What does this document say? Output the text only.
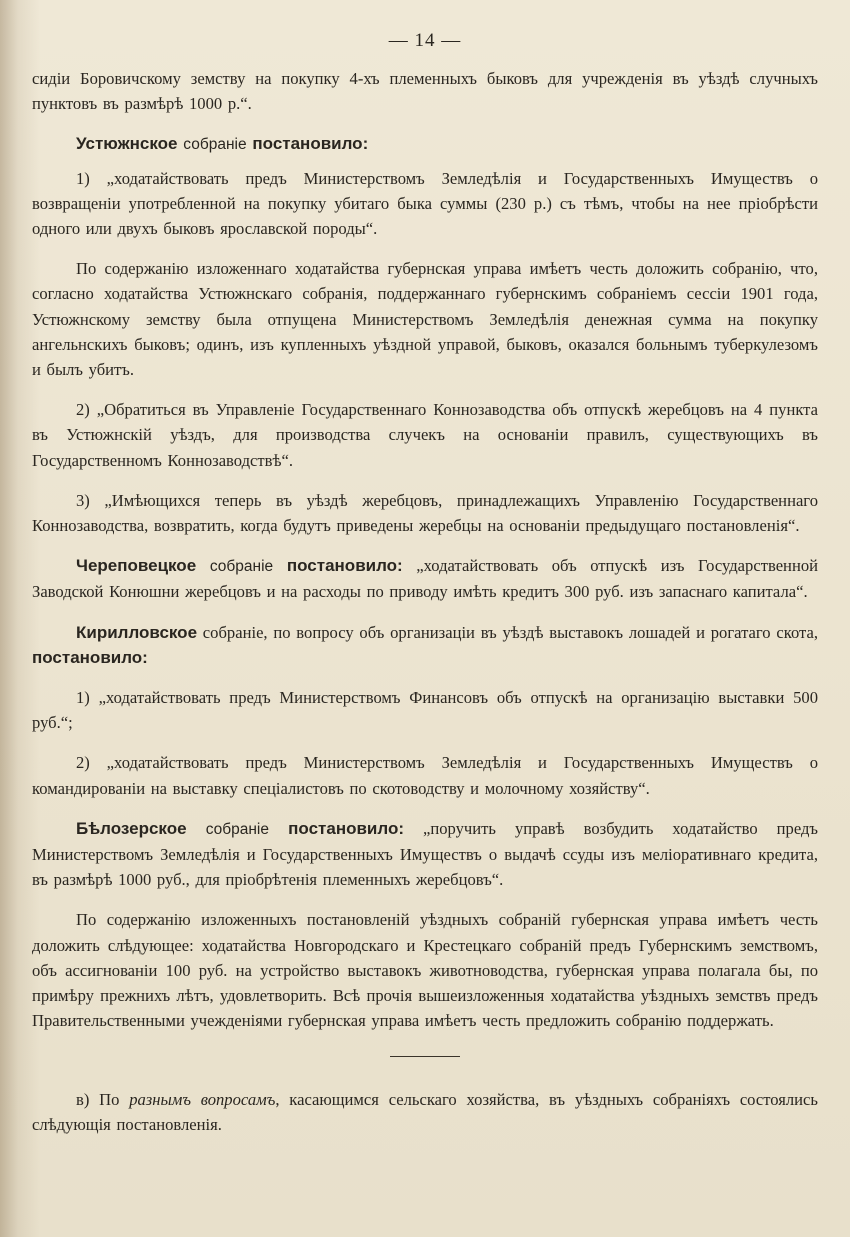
— 14 —

сидіи Боровичскому земству на покупку 4-хъ племенныхъ быковъ для учрежденія въ уѣздѣ случныхъ пунктовъ въ размѣрѣ 1000 р.“.

Устюжнское собраніе постановило:

1) „ходатайствовать предъ Министерствомъ Земледѣлія и Государственныхъ Имуществъ о возвращеніи употребленной на покупку убитаго быка суммы (230 р.) съ тѣмъ, чтобы на нее пріобрѣсти одного или двухъ быковъ ярославской породы“.

По содержанію изложеннаго ходатайства губернская управа имѣетъ честь доложить собранію, что, согласно ходатайства Устюжнскаго собранія, поддержаннаго губернскимъ собраніемъ сессіи 1901 года, Устюжнскому земству была отпущена Министерствомъ Земледѣлія денежная сумма на покупку ангельнскихъ быковъ; одинъ, изъ купленныхъ уѣздной управой, быковъ, оказался больнымъ туберкулезомъ и былъ убитъ.

2) „Обратиться въ Управленіе Государственнаго Коннозаводства объ отпускѣ жеребцовъ на 4 пункта въ Устюжнскій уѣздъ, для производства случекъ на основаніи правилъ, существующихъ въ Государственномъ Коннозаводствѣ“.

3) „Имѣющихся теперь въ уѣздѣ жеребцовъ, принадлежащихъ Управленію Государственнаго Коннозаводства, возвратить, когда будутъ приведены жеребцы на основаніи предыдущаго постановленія“.

Череповецкое собраніе постановило: „ходатайствовать объ отпускѣ изъ Государственной Заводской Конюшни жеребцовъ и на расходы по приводу имѣть кредитъ 300 руб. изъ запаснаго капитала“.

Кирилловское собраніе, по вопросу объ организаціи въ уѣздѣ выставокъ лошадей и рогатаго скота, постановило:

1) „ходатайствовать предъ Министерствомъ Финансовъ объ отпускѣ на организацію выставки 500 руб.“;

2) „ходатайствовать предъ Министерствомъ Земледѣлія и Государственныхъ Имуществъ о командированіи на выставку спеціалистовъ по скотоводству и молочному хозяйству“.

Бѣлозерское собраніе постановило: „поручить управѣ возбудить ходатайство предъ Министерствомъ Земледѣлія и Государственныхъ Имуществъ о выдачѣ ссуды изъ меліоративнаго кредита, въ размѣрѣ 1000 руб., для пріобрѣтенія племенныхъ жеребцовъ“.

По содержанію изложенныхъ постановленій уѣздныхъ собраній губернская управа имѣетъ честь доложить слѣдующее: ходатайства Новгородскаго и Крестецкаго собраній предъ Губернскимъ земствомъ, объ ассигнованіи 100 руб. на устройство выставокъ животноводства, губернская управа полагала бы, по примѣру прежнихъ лѣтъ, удовлетворить. Всѣ прочія вышеизложенныя ходатайства уѣздныхъ земствъ предъ Правительственными учежденіями губернская управа имѣетъ честь предложить собранію поддержать.

в) По разнымъ вопросамъ, касающимся сельскаго хозяйства, въ уѣздныхъ собраніяхъ состоялись слѣдующія постановленія.
